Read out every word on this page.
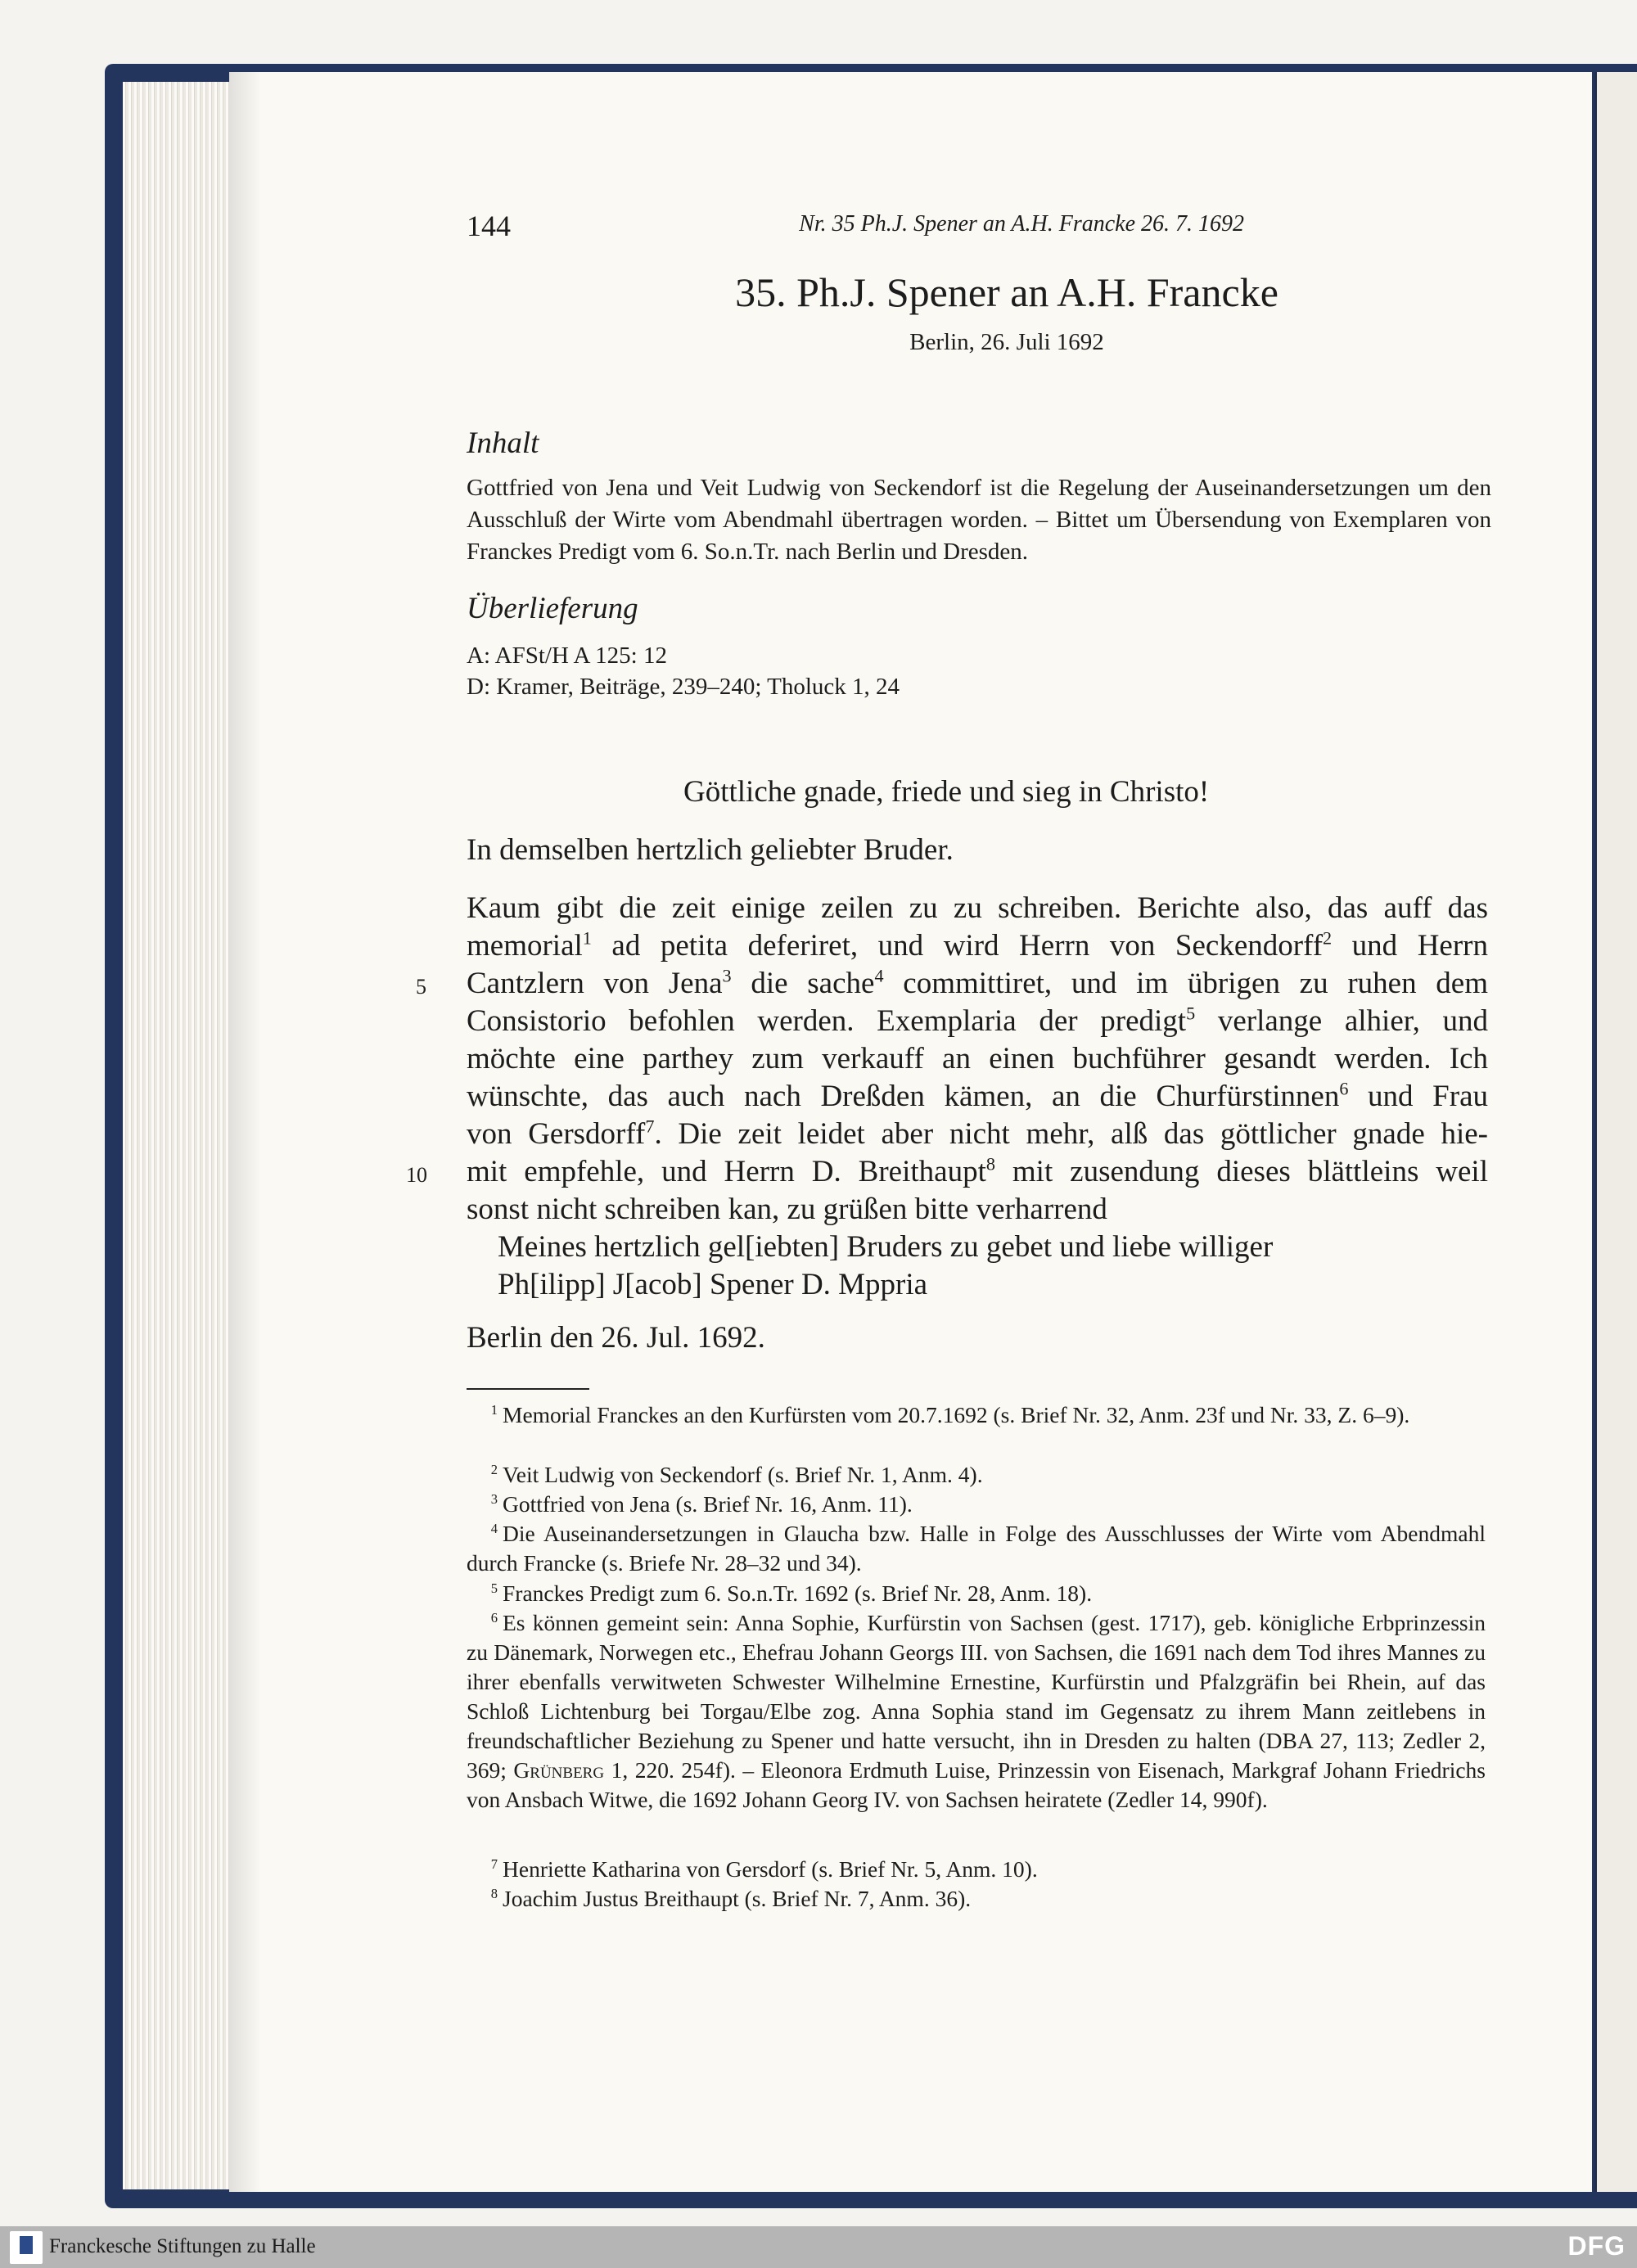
144	Nr. 35 Ph.J. Spener an A.H. Francke 26. 7. 1692

35. Ph.J. Spener an A.H. Francke

Berlin, 26. Juli 1692

Inhalt

Gottfried von Jena und Veit Ludwig von Seckendorf ist die Regelung der Auseinandersetzungen um den Ausschluß der Wirte vom Abendmahl übertragen worden. – Bittet um Übersendung von Exemplaren von Franckes Predigt vom 6. So.n.Tr. nach Berlin und Dresden.

Überlieferung

A: AFSt/H A 125: 12

D: Kramer, Beiträge, 239–240; Tholuck 1, 24

Göttliche gnade, friede und sieg in Christo!

In demselben hertzlich geliebter Bruder.

Kaum gibt die zeit einige zeilen zu zu schreiben. Berichte also, das auff das

memorial$^1$ ad petita deferiret, und wird Herrn von Seckendorff$^2$ und Herrn

Cantzlern von Jena$^3$ die sache$^4$ committiret, und im übrigen zu ruhen dem

Consistorio befohlen werden. Exemplaria der predigt$^5$ verlange alhier, und

möchte eine parthey zum verkauff an einen buchführer gesandt werden. Ich

wünschte, das auch nach Dreßden kämen, an die Churfürstinnen$^6$ und Frau

von Gersdorff$^7$. Die zeit leidet aber nicht mehr, alß das göttlicher gnade hie-

mit empfehle, und Herrn D. Breithaupt$^8$ mit zusendung dieses blättleins weil

sonst nicht schreiben kan, zu grüßen bitte verharrend

5
10

Meines hertzlich gel[iebten] Bruders zu gebet und liebe williger

Ph[ilipp] J[acob] Spener D. Mppria

Berlin den 26. Jul. 1692.

$^1$ Memorial Franckes an den Kurfürsten vom 20.7.1692 (s. Brief Nr. 32, Anm. 23f und Nr. 33, Z. 6–9).

$^2$ Veit Ludwig von Seckendorf (s. Brief Nr. 1, Anm. 4).

$^3$ Gottfried von Jena (s. Brief Nr. 16, Anm. 11).

$^4$ Die Auseinandersetzungen in Glaucha bzw. Halle in Folge des Ausschlusses der Wirte vom Abendmahl durch Francke (s. Briefe Nr. 28–32 und 34).

$^5$ Franckes Predigt zum 6. So.n.Tr. 1692 (s. Brief Nr. 28, Anm. 18).

$^6$ Es können gemeint sein: Anna Sophie, Kurfürstin von Sachsen (gest. 1717), geb. königliche Erbprinzessin zu Dänemark, Norwegen etc., Ehefrau Johann Georgs III. von Sachsen, die 1691 nach dem Tod ihres Mannes zu ihrer ebenfalls verwitweten Schwester Wilhelmine Ernestine, Kurfürstin und Pfalzgräfin bei Rhein, auf das Schloß Lichtenburg bei Torgau/Elbe zog. Anna Sophia stand im Gegensatz zu ihrem Mann zeitlebens in freundschaftlicher Beziehung zu Spener und hatte versucht, ihn in Dresden zu halten (DBA 27, 113; Zedler 2, 369; Grünberg 1, 220. 254f). – Eleonora Erdmuth Luise, Prinzessin von Eisenach, Markgraf Johann Friedrichs von Ansbach Witwe, die 1692 Johann Georg IV. von Sachsen heiratete (Zedler 14, 990f).

$^7$ Henriette Katharina von Gersdorf (s. Brief Nr. 5, Anm. 10).

$^8$ Joachim Justus Breithaupt (s. Brief Nr. 7, Anm. 36).

Franckesche Stiftungen zu Halle	DFG
